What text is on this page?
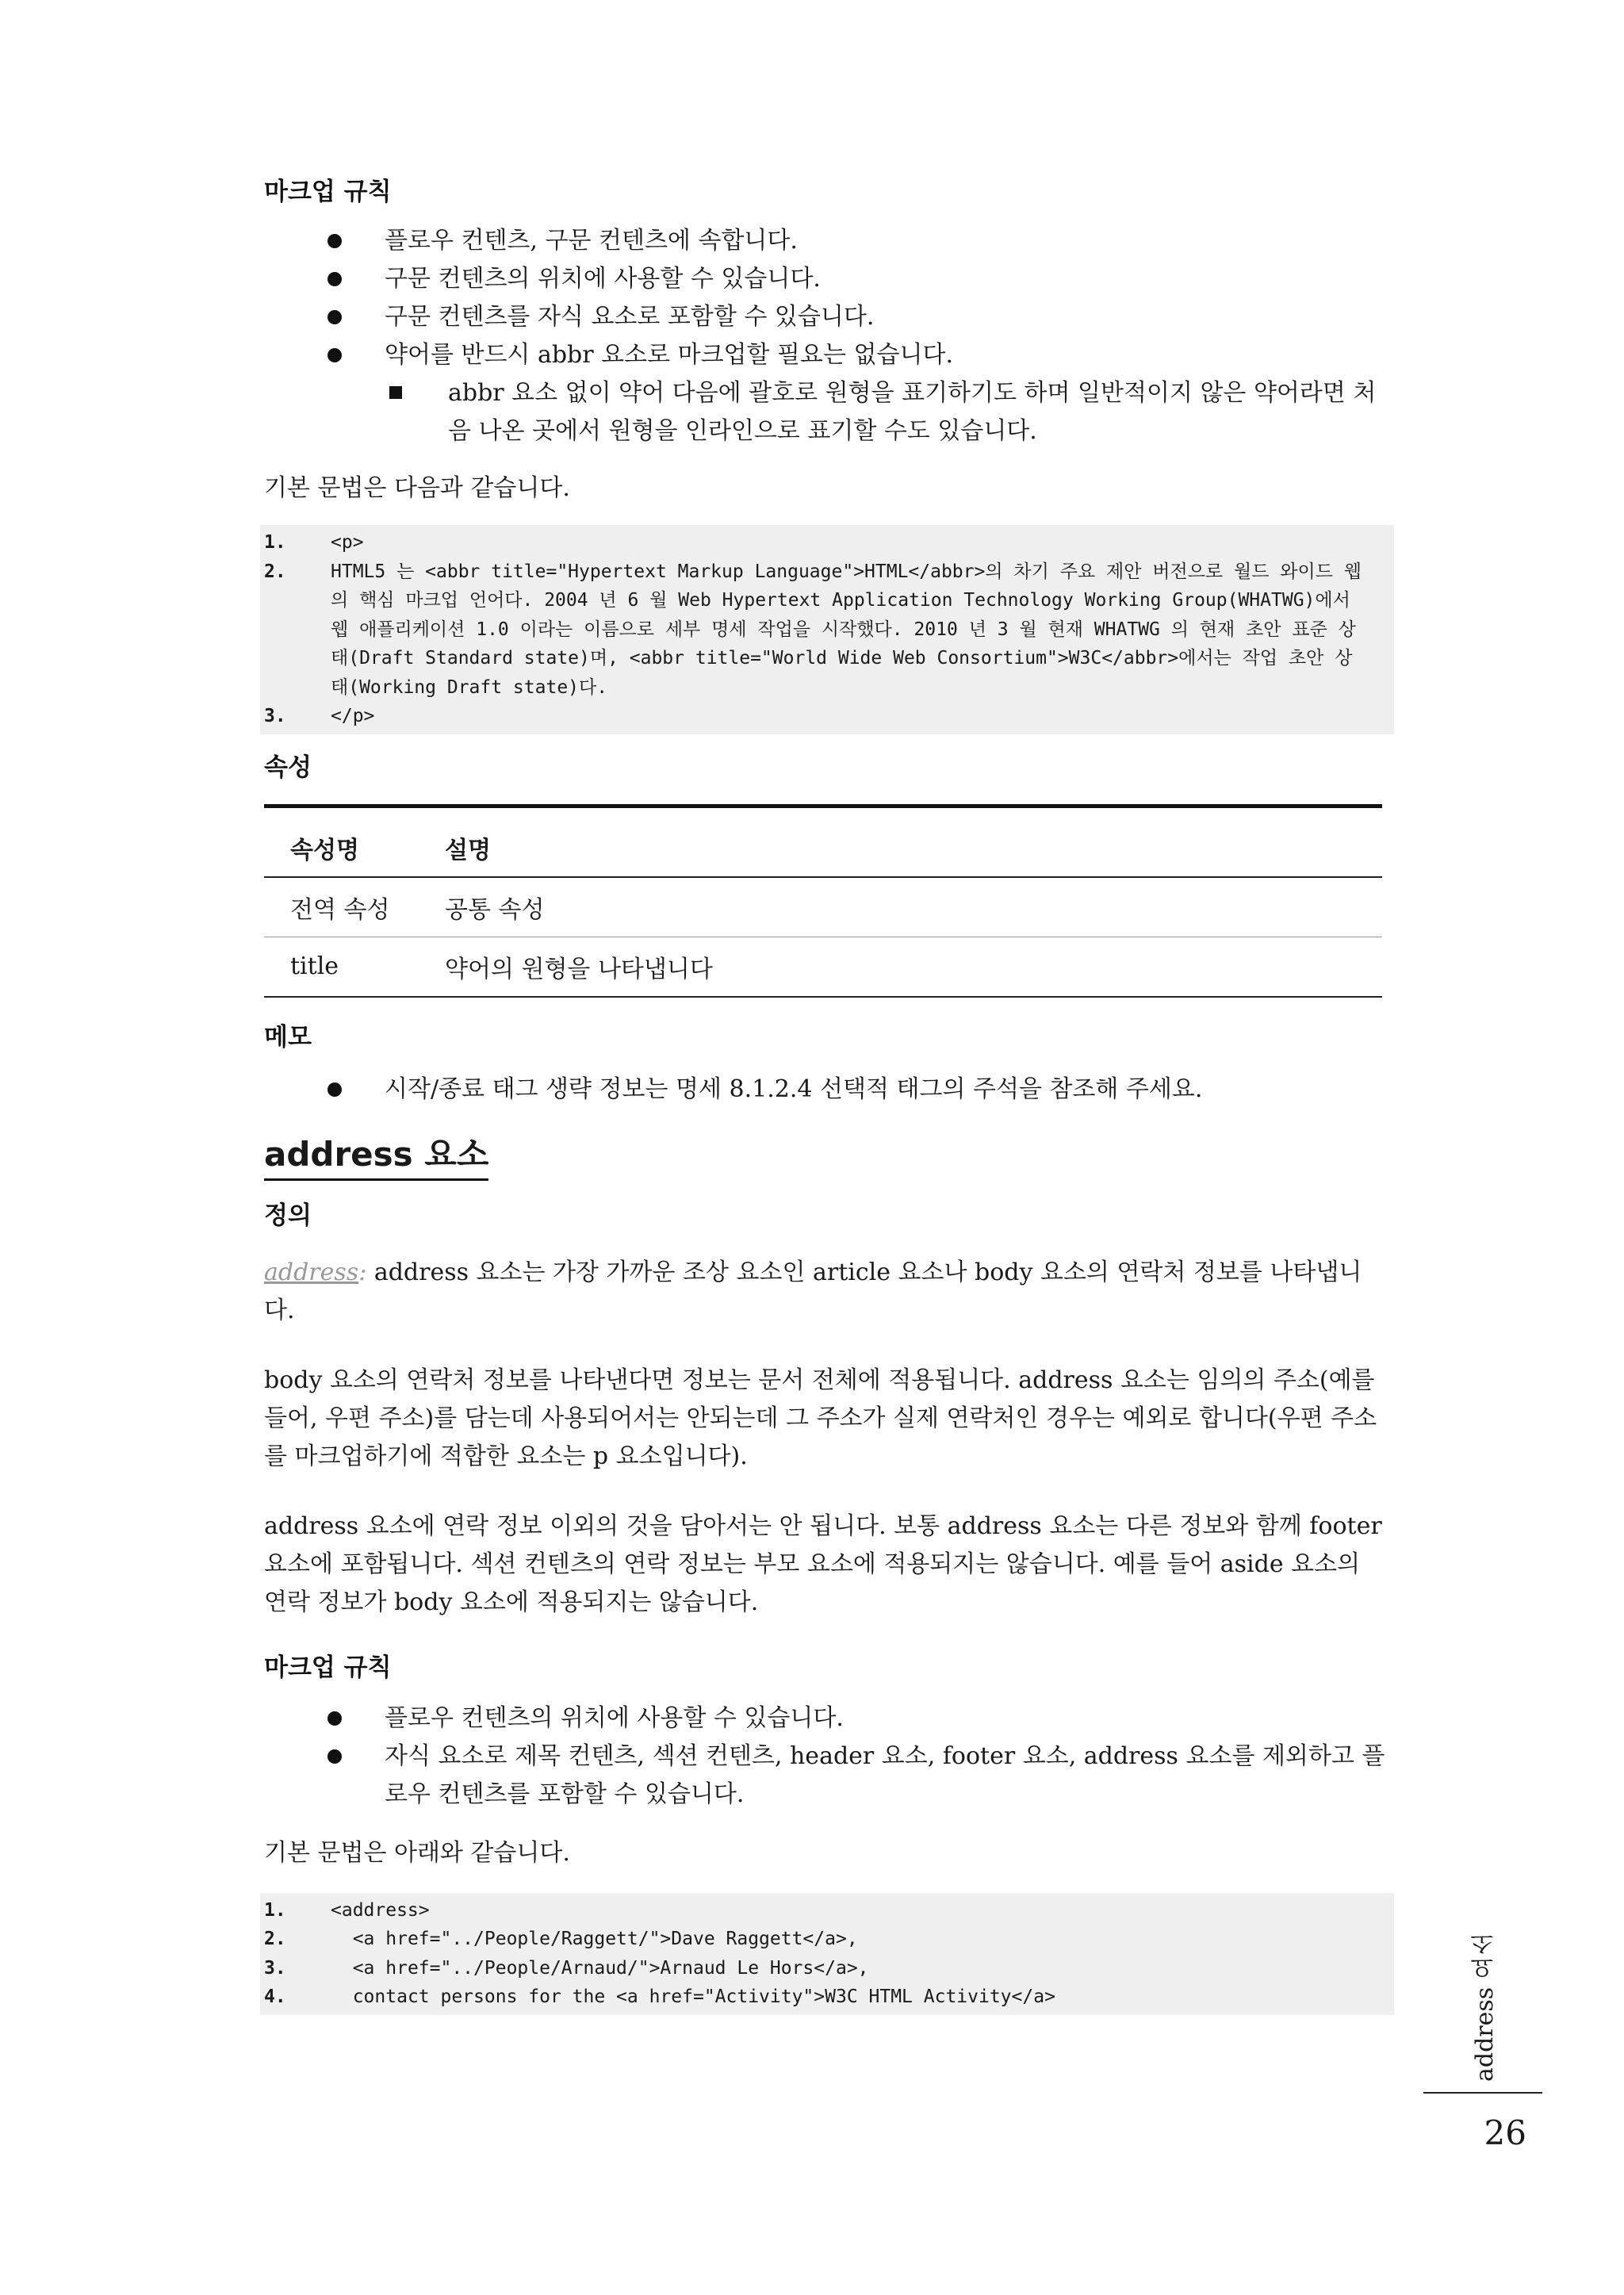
마크업 규칙
플로우 컨텐츠, 구문 컨텐츠에 속합니다.
구문 컨텐츠의 위치에 사용할 수 있습니다.
구문 컨텐츠를 자식 요소로 포함할 수 있습니다.
약어를 반드시 abbr 요소로 마크업할 필요는 없습니다.
abbr 요소 없이 약어 다음에 괄호로 원형을 표기하기도 하며 일반적이지 않은 약어라면 처음 나온 곳에서 원형을 인라인으로 표기할 수도 있습니다.

기본 문법은 다음과 같습니다.

1.	<p>
2.	HTML5 는 <abbr title="Hypertext Markup Language">HTML</abbr>의 차기 주요 제안 버전으로 월드 와이드 웹의 핵심 마크업 언어다. 2004 년 6 월 Web Hypertext Application Technology Working Group(WHATWG)에서 웹 애플리케이션 1.0 이라는 이름으로 세부 명세 작업을 시작했다. 2010 년 3 월 현재 WHATWG 의 현재 초안 표준 상태(Draft Standard state)며, <abbr title="World Wide Web Consortium">W3C</abbr>에서는 작업 초안 상태(Working Draft state)다.
3.	</p>
속성
속성명	설명
전역 속성	공통 속성
title	약어의 원형을 나타냅니다
메모
시작/종료 태그 생략 정보는 명세 8.1.2.4 선택적 태그의 주석을 참조해 주세요.
address 요소
정의

address: address 요소는 가장 가까운 조상 요소인 article 요소나 body 요소의 연락처 정보를 나타냅니다.

body 요소의 연락처 정보를 나타낸다면 정보는 문서 전체에 적용됩니다. address 요소는 임의의 주소(예를 들어, 우편 주소)를 담는데 사용되어서는 안되는데 그 주소가 실제 연락처인 경우는 예외로 합니다(우편 주소를 마크업하기에 적합한 요소는 p 요소입니다).

address 요소에 연락 정보 이외의 것을 담아서는 안 됩니다. 보통 address 요소는 다른 정보와 함께 footer 요소에 포함됩니다. 섹션 컨텐츠의 연락 정보는 부모 요소에 적용되지는 않습니다. 예를 들어 aside 요소의 연락 정보가 body 요소에 적용되지는 않습니다.

마크업 규칙
플로우 컨텐츠의 위치에 사용할 수 있습니다.
자식 요소로 제목 컨텐츠, 섹션 컨텐츠, header 요소, footer 요소, address 요소를 제외하고 플로우 컨텐츠를 포함할 수 있습니다.

기본 문법은 아래와 같습니다.

1.	<address>
2.	<a href="../People/Raggett/">Dave Raggett</a>,
3.	<a href="../People/Arnaud/">Arnaud Le Hors</a>,
4.	contact persons for the <a href="Activity">W3C HTML Activity</a>	address 요소
26
